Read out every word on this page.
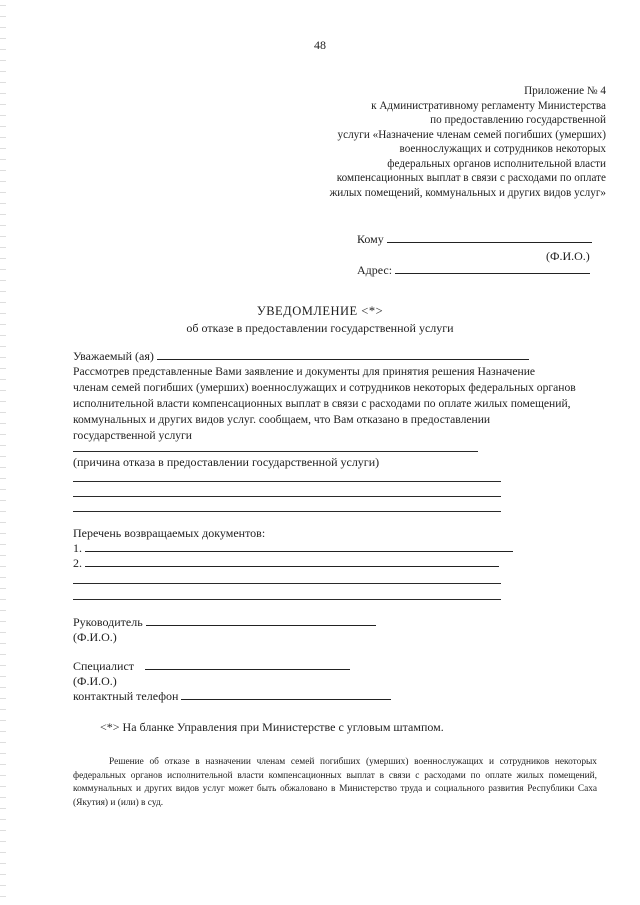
48
Приложение № 4
к Административному регламенту Министерства
по предоставлению государственной
услуги «Назначение членам семей погибших (умерших)
военнослужащих и сотрудников некоторых
федеральных органов исполнительной власти
компенсационных выплат в связи с расходами по оплате
жилых помещений, коммунальных и других видов услуг»
Кому
(Ф.И.О.)
Адрес:
УВЕДОМЛЕНИЕ <*>
об отказе в предоставлении государственной услуги
Уважаемый (ая)
Рассмотрев представленные Вами заявление и документы для принятия решения Назначение
членам семей погибших (умерших) военнослужащих и сотрудников некоторых федеральных органов
исполнительной власти компенсационных выплат в связи с расходами по оплате жилых помещений,
коммунальных и других видов услуг. сообщаем, что Вам отказано в предоставлении
государственной услуги
(причина отказа в предоставлении государственной услуги)
Перечень возвращаемых документов:
1.
2.
Руководитель
(Ф.И.О.)
Специалист
(Ф.И.О.)
контактный телефон
<*> На бланке Управления при Министерстве с угловым штампом.
Решение об отказе в назначении членам семей погибших (умерших) военнослужащих и сотрудников некоторых федеральных органов исполнительной власти компенсационных выплат в связи с расходами по оплате жилых помещений, коммунальных и других видов услуг может быть обжаловано в Министерство труда и социального развития Республики Саха (Якутия) и (или) в суд.
